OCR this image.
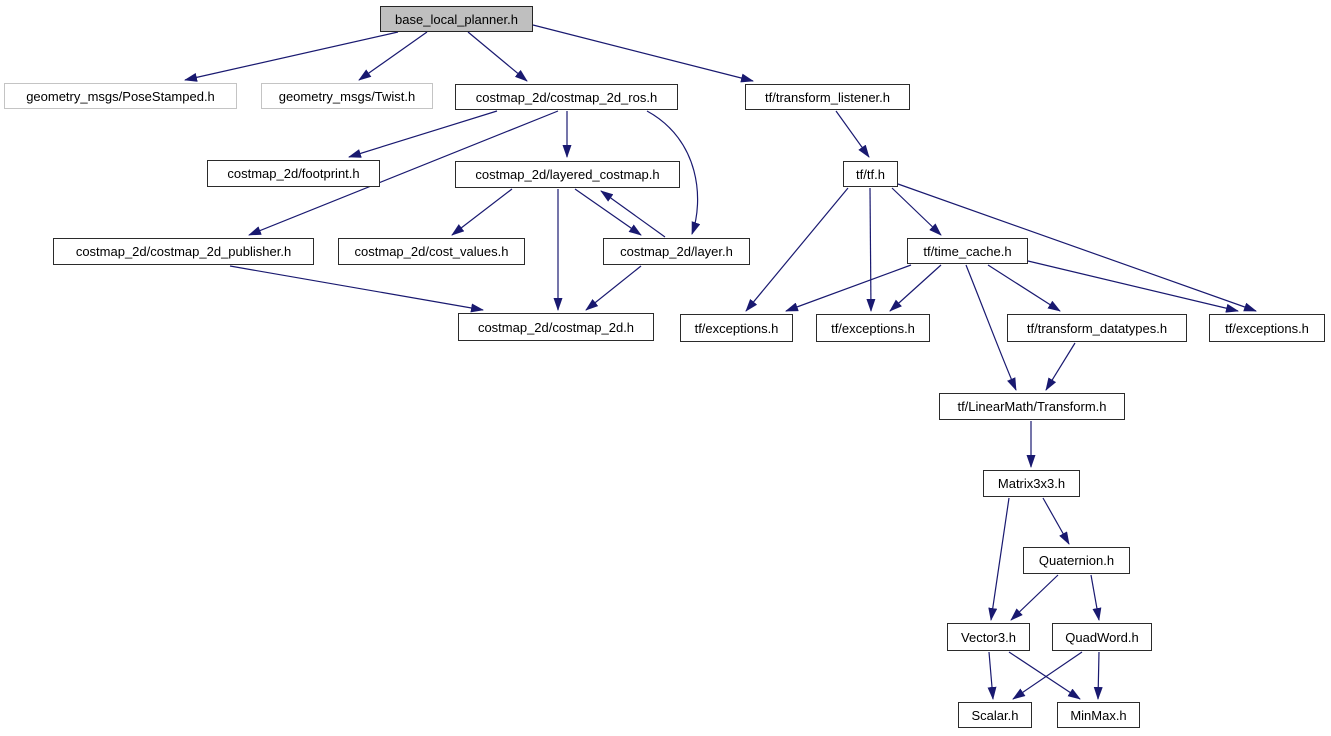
base_local_planner.h
geometry_msgs/PoseStamped.h	geometry_msgs/Twist.h	costmap_2d/costmap_2d_ros.h	tf/transform_listener.h
costmap_2d/footprint.h	costmap_2d/layered_costmap.h	tf/tf.h
costmap_2d/costmap_2d_publisher.h	costmap_2d/cost_values.h	costmap_2d/layer.h	tf/time_cache.h
costmap_2d/costmap_2d.h	tf/exceptions.h	tf/exceptions.h	tf/transform_datatypes.h	tf/exceptions.h
tf/LinearMath/Transform.h
Matrix3x3.h
Quaternion.h
Vector3.h	QuadWord.h
Scalar.h	MinMax.h
